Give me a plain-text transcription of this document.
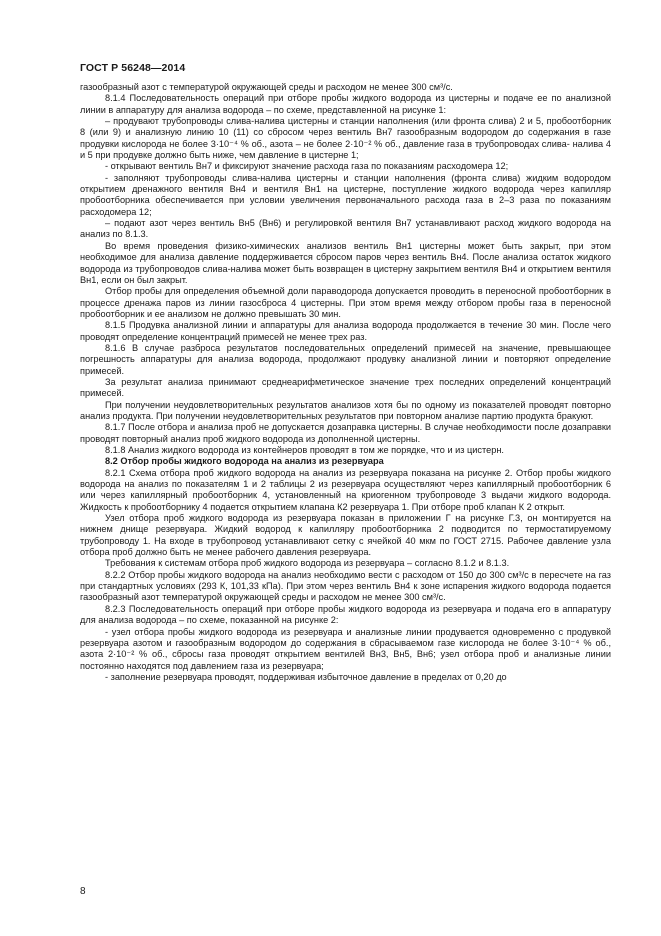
ГОСТ Р 56248—2014

газообразный азот с температурой окружающей среды и расходом не менее 300 см³/с.

8.1.4 Последовательность операций при отборе пробы жидкого водорода из цистерны и подаче ее по анализной линии в аппаратуру для анализа водорода – по схеме, представленной на рисунке 1:

– продувают трубопроводы слива-налива цистерны и станции наполнения (или фронта слива) 2 и 5, пробоотборник 8 (или 9) и анализную линию 10 (11) со сбросом через вентиль Вн7 газообразным водородом до содержания в газе продувки кислорода не более 3·10⁻⁴ % об., азота – не более 2·10⁻² % об., давление газа в трубопроводах слива- налива 4 и 5 при продувке должно быть ниже, чем давление в цистерне 1;

- открывают вентиль Вн7 и фиксируют значение расхода газа по показаниям расходомера 12;

- заполняют трубопроводы слива-налива цистерны и станции наполнения (фронта слива) жидким водородом открытием дренажного вентиля Вн4 и вентиля Вн1 на цистерне, поступление жидкого водорода через капилляр пробоотборника обеспечивается при условии увеличения первоначального расхода газа в 2–3 раза по показаниям расходомера 12;

– подают азот через вентиль Вн5 (Вн6) и регулировкой вентиля Вн7 устанавливают расход жидкого водорода на анализ по 8.1.3.

Во время проведения физико-химических анализов вентиль Вн1 цистерны может быть закрыт, при этом необходимое для анализа давление поддерживается сбросом паров через вентиль Вн4. После анализа остаток жидкого водорода из трубопроводов слива-налива может быть возвращен в цистерну закрытием вентиля Вн4 и открытием вентиля Вн1, если он был закрыт.

Отбор пробы для определения объемной доли параводорода допускается проводить в переносной пробоотборник в процессе дренажа паров из линии газосброса 4 цистерны. При этом время между отбором пробы газа в переносной пробоотборник и ее анализом не должно превышать 30 мин.

8.1.5 Продувка анализной линии и аппаратуры для анализа водорода продолжается в течение 30 мин. После чего проводят определение концентраций примесей не менее трех раз.

8.1.6 В случае разброса результатов последовательных определений примесей на значение, превышающее погрешность аппаратуры для анализа водорода, продолжают продувку анализной линии и повторяют определение примесей.

За результат анализа принимают среднеарифметическое значение трех последних определений концентраций примесей.

При получении неудовлетворительных результатов анализов хотя бы по одному из показателей проводят повторно анализ продукта. При получении неудовлетворительных результатов при повторном анализе партию продукта бракуют.

8.1.7 После отбора и анализа проб не допускается дозаправка цистерны. В случае необходимости после дозаправки проводят повторный анализ проб жидкого водорода из дополненной цистерны.

8.1.8 Анализ жидкого водорода из контейнеров проводят в том же порядке, что и из цистерн.

8.2 Отбор пробы жидкого водорода на анализ из резервуара

8.2.1 Схема отбора проб жидкого водорода на анализ из резервуара показана на рисунке 2. Отбор пробы жидкого водорода на анализ по показателям 1 и 2 таблицы 2 из резервуара осуществляют через капиллярный пробоотборник 6 или через капиллярный пробоотборник 4, установленный на криогенном трубопроводе 3 выдачи жидкого водорода. Жидкость к пробоотборнику 4 подается открытием клапана К2 резервуара 1. При отборе проб клапан К 2 открыт.

Узел отбора проб жидкого водорода из резервуара показан в приложении Г на рисунке Г.3, он монтируется на нижнем днище резервуара. Жидкий водород к капилляру пробоотборника 2 подводится по термостатируемому трубопроводу 1. На входе в трубопровод устанавливают сетку с ячейкой 40 мкм по ГОСТ 2715. Рабочее давление узла отбора проб должно быть не менее рабочего давления резервуара.

Требования к системам отбора проб жидкого водорода из резервуара – согласно 8.1.2 и 8.1.3.

8.2.2 Отбор пробы жидкого водорода на анализ необходимо вести с расходом от 150 до 300 см³/с в пересчете на газ при стандартных условиях (293 К, 101,33 кПа). При этом через вентиль Вн4 к зоне испарения жидкого водорода подается газообразный азот температурой окружающей среды и расходом не менее 300 см³/с.

8.2.3 Последовательность операций при отборе пробы жидкого водорода из резервуара и подача его в аппаратуру для анализа водорода – по схеме, показанной на рисунке 2:

- узел отбора пробы жидкого водорода из резервуара и анализные линии продувается одновременно с продувкой резервуара азотом и газообразным водородом до содержания в сбрасываемом газе кислорода не более 3·10⁻⁴ % об., азота 2·10⁻² % об., сбросы газа проводят открытием вентилей Вн3, Вн5, Вн6; узел отбора проб и анализные линии постоянно находятся под давлением газа из резервуара;

- заполнение резервуара проводят, поддерживая избыточное давление в пределах от 0,20 до

8
